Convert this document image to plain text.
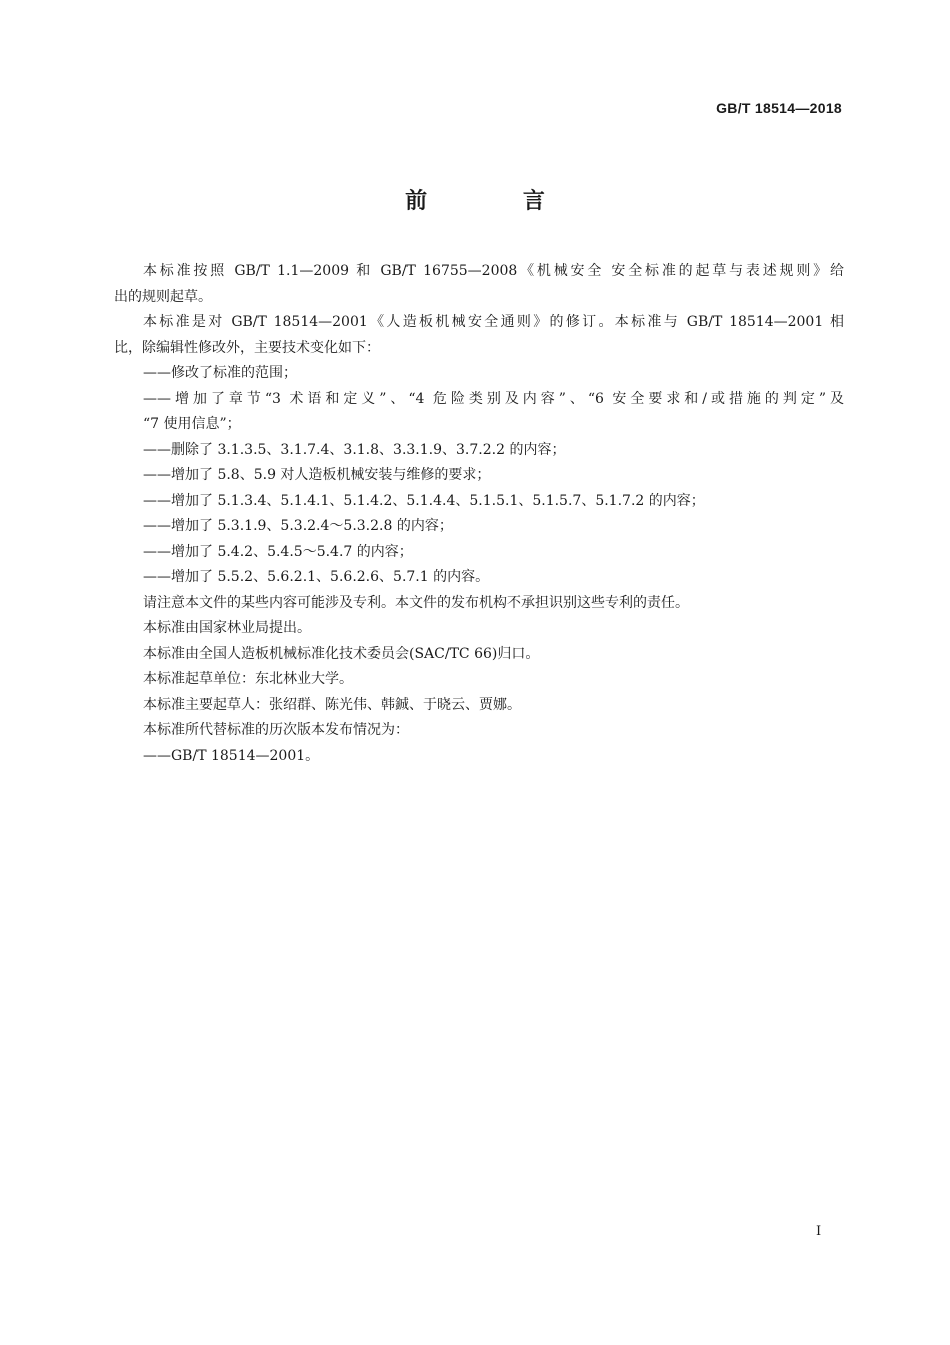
GB/T 18514—2018
前 言
本标准按照 GB/T 1.1—2009 和 GB/T 16755—2008《机械安全 安全标准的起草与表述规则》给
出的规则起草。
本标准是对 GB/T 18514—2001《人造板机械安全通则》的修订。本标准与 GB/T 18514—2001 相
比，除编辑性修改外，主要技术变化如下：
——修改了标准的范围；
——增加了章节“3 术语和定义”、“4 危险类别及内容”、“6 安全要求和/或措施的判定”及
“7 使用信息”；
——删除了 3.1.3.5、3.1.7.4、3.1.8、3.3.1.9、3.7.2.2 的内容；
——增加了 5.8、5.9 对人造板机械安装与维修的要求；
——增加了 5.1.3.4、5.1.4.1、5.1.4.2、5.1.4.4、5.1.5.1、5.1.5.7、5.1.7.2 的内容；
——增加了 5.3.1.9、5.3.2.4～5.3.2.8 的内容；
——增加了 5.4.2、5.4.5～5.4.7 的内容；
——增加了 5.5.2、5.6.2.1、5.6.2.6、5.7.1 的内容。
请注意本文件的某些内容可能涉及专利。本文件的发布机构不承担识别这些专利的责任。
本标准由国家林业局提出。
本标准由全国人造板机械标准化技术委员会(SAC/TC 66)归口。
本标准起草单位：东北林业大学。
本标准主要起草人：张绍群、陈光伟、韩鋮、于晓云、贾娜。
本标准所代替标准的历次版本发布情况为：
——GB/T 18514—2001。
I
